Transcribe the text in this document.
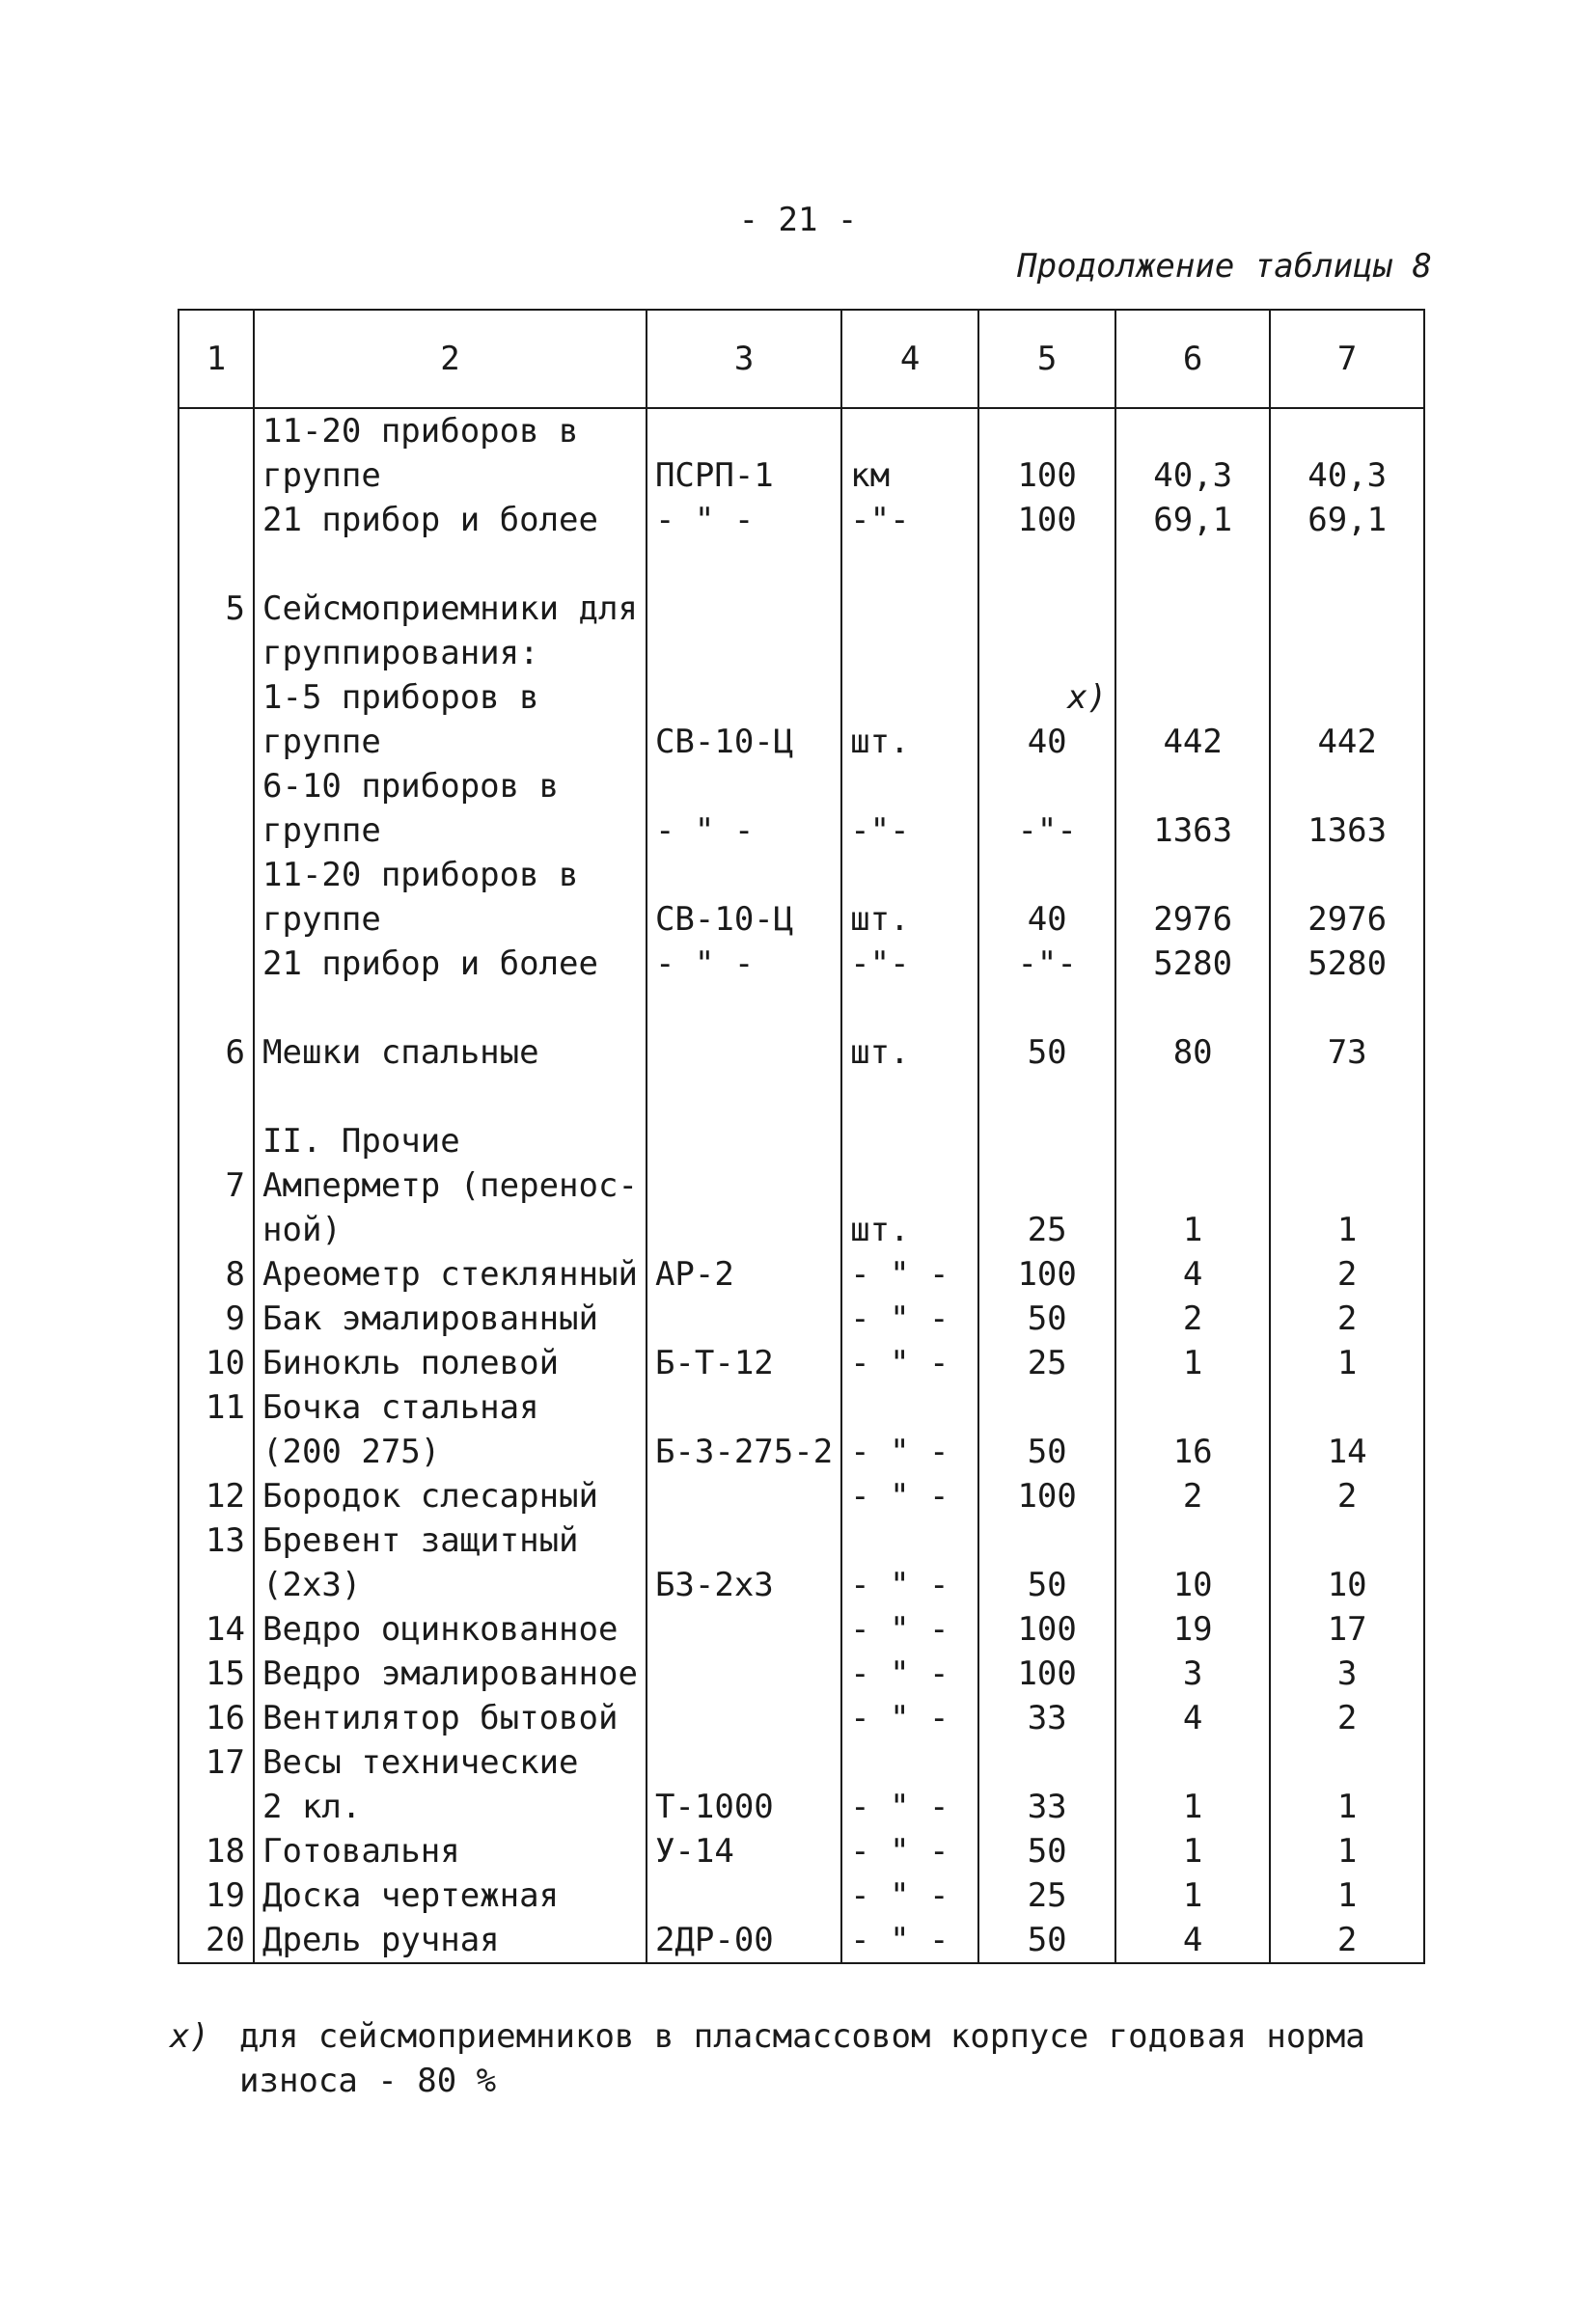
- 21 -
Продолжение таблицы 8
1	2	3	4	5	6	7
	11-20 приборов в					
	группе	ПСРП-1	км	100	40,3	40,3
	21 прибор и более	- " -	-"-	100	69,1	69,1

5	Сейсмоприемники для					
	группирования:					
	1-5 приборов в			x)		
	группе	СВ-10-Ц	шт.	40	442	442
	6-10 приборов в					
	группе	- " -	-"-	-"-	1363	1363
	11-20 приборов в					
	группе	СВ-10-Ц	шт.	40	2976	2976
	21 прибор и более	- " -	-"-	-"-	5280	5280

6	Мешки спальные		шт.	50	80	73

	II. Прочие					
7	Амперметр (перенос-					
	ной)		шт.	25	1	1
8	Ареометр стеклянный	АР-2	- " -	100	4	2
9	Бак эмалированный		- " -	50	2	2
10	Бинокль полевой	Б-Т-12	- " -	25	1	1
11	Бочка стальная					
	(200 275)	Б-3-275-2	- " -	50	16	14
12	Бородок слесарный		- " -	100	2	2
13	Бревент защитный					
	(2x3)	БЗ-2х3	- " -	50	10	10
14	Ведро оцинкованное		- " -	100	19	17
15	Ведро эмалированное		- " -	100	3	3
16	Вентилятор бытовой		- " -	33	4	2
17	Весы технические					
	2 кл.	Т-1000	- " -	33	1	1
18	Готовальня	У-14	- " -	50	1	1
19	Доска чертежная		- " -	25	1	1
20	Дрель ручная	2ДР-00	- " -	50	4	2
x) для сейсмоприемников в пласмассовом корпусе годовая норма износа - 80 %
